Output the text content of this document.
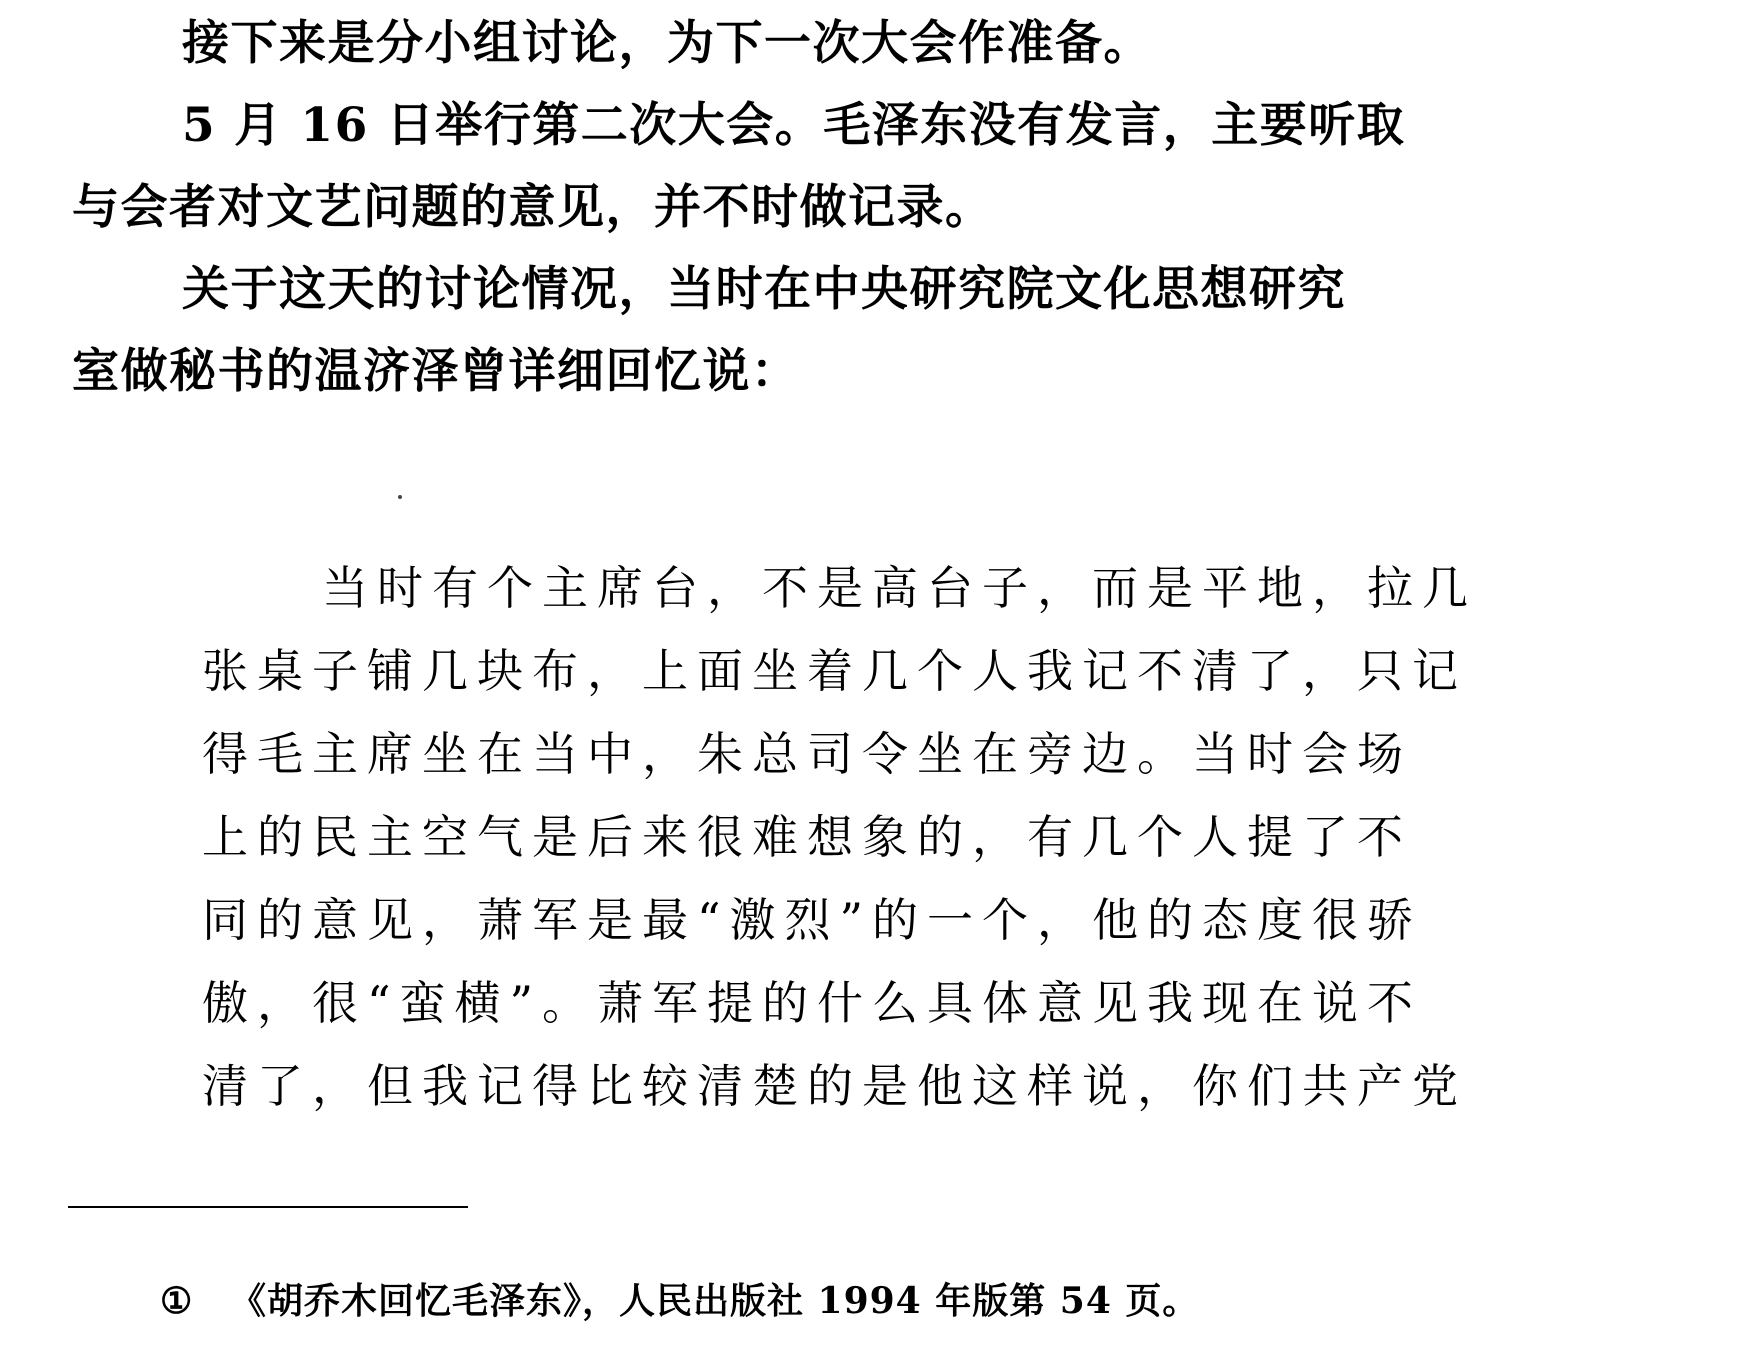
接下来是分小组讨论，为下一次大会作准备。

5 月 16 日举行第二次大会。毛泽东没有发言，主要听取

与会者对文艺问题的意见，并不时做记录。

关于这天的讨论情况，当时在中央研究院文化思想研究

室做秘书的温济泽曾详细回忆说：

当时有个主席台，不是高台子，而是平地，拉几

张桌子铺几块布，上面坐着几个人我记不清了，只记

得毛主席坐在当中，朱总司令坐在旁边。当时会场

上的民主空气是后来很难想象的，有几个人提了不

同的意见，萧军是最“激烈”的一个，他的态度很骄

傲，很“蛮横”。萧军提的什么具体意见我现在说不

清了，但我记得比较清楚的是他这样说，你们共产党

① 《胡乔木回忆毛泽东》，人民出版社 1994 年版第 54 页。
